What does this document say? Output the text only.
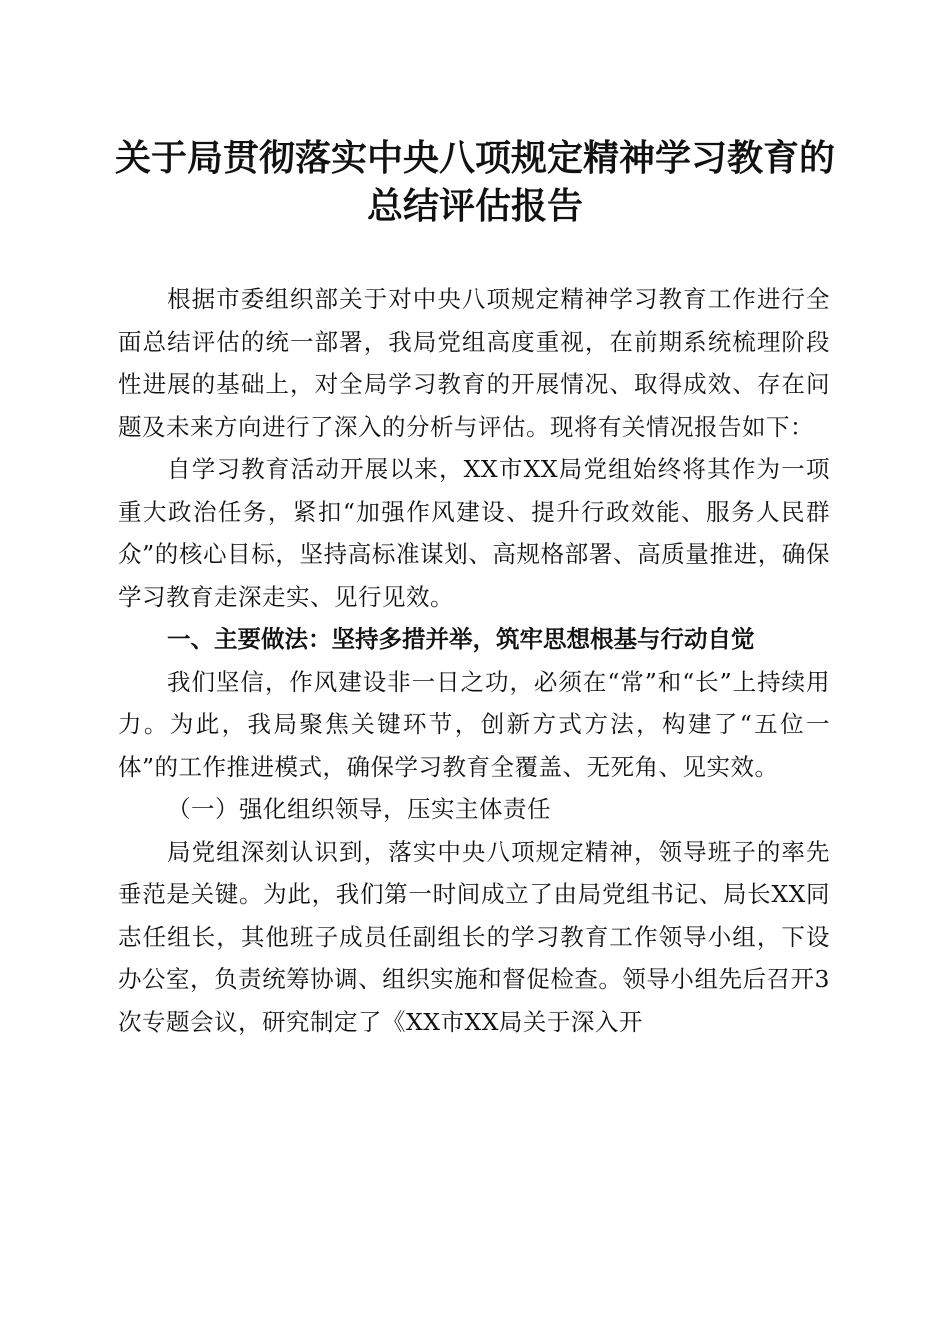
关于局贯彻落实中央八项规定精神学习教育的
总结评估报告

根据市委组织部关于对中央八项规定精神学习教育工作进行全面总结评估的统一部署，我局党组高度重视，在前期系统梳理阶段性进展的基础上，对全局学习教育的开展情况、取得成效、存在问题及未来方向进行了深入的分析与评估。现将有关情况报告如下：

自学习教育活动开展以来，XX市XX局党组始终将其作为一项重大政治任务，紧扣“加强作风建设、提升行政效能、服务人民群众”的核心目标，坚持高标准谋划、高规格部署、高质量推进，确保学习教育走深走实、见行见效。

一、主要做法：坚持多措并举，筑牢思想根基与行动自觉

我们坚信，作风建设非一日之功，必须在“常”和“长”上持续用力。为此，我局聚焦关键环节，创新方式方法，构建了“五位一体”的工作推进模式，确保学习教育全覆盖、无死角、见实效。

（一）强化组织领导，压实主体责任

局党组深刻认识到，落实中央八项规定精神，领导班子的率先垂范是关键。为此，我们第一时间成立了由局党组书记、局长XX同志任组长，其他班子成员任副组长的学习教育工作领导小组，下设办公室，负责统筹协调、组织实施和督促检查。领导小组先后召开3次专题会议，研究制定了《XX市XX局关于深入开
